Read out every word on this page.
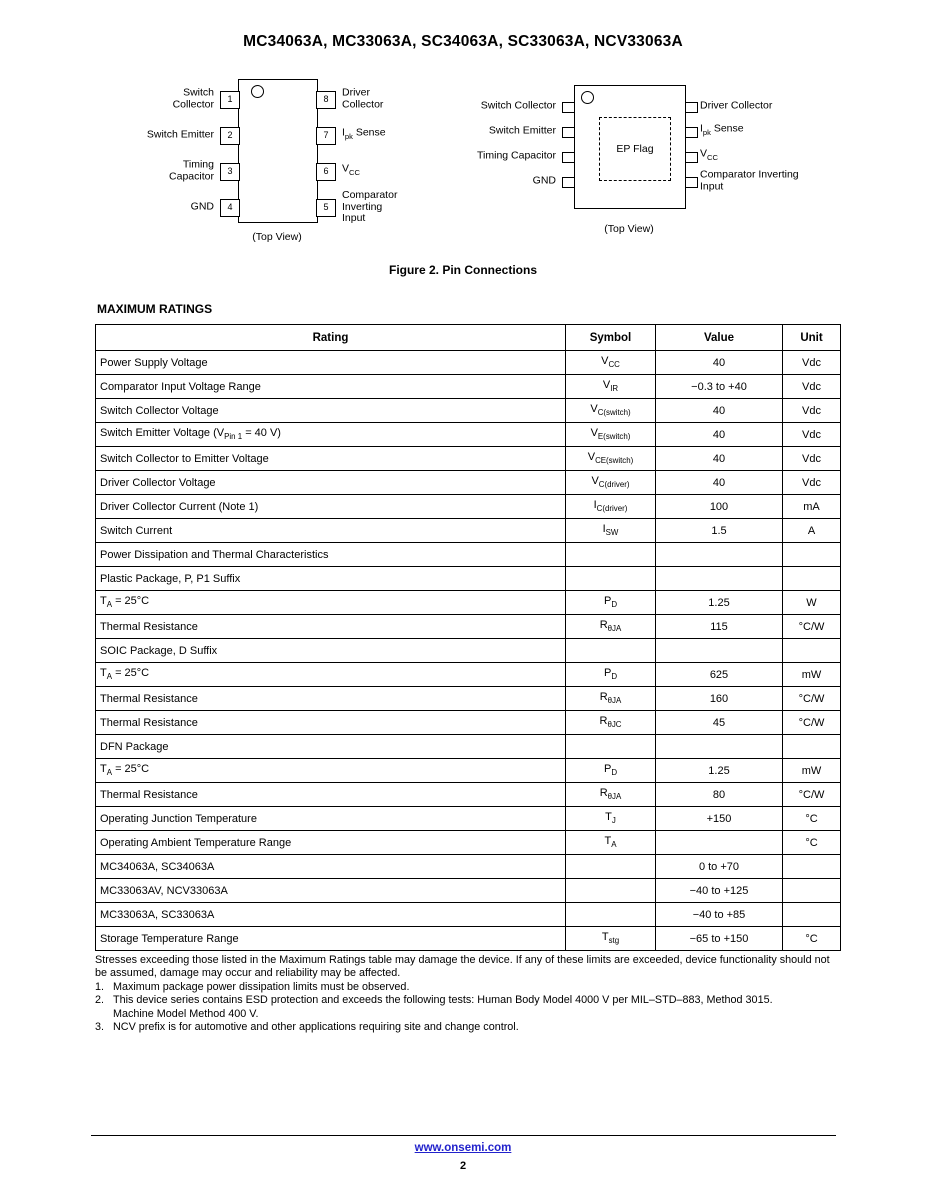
MC34063A, MC33063A, SC34063A, SC33063A, NCV33063A
(Top View)
Switch Collector	1
Switch Emitter	2
Timing Capacitor	3
GND	4
8
Driver Collector
7	$I_{pk}$ Sense
6	$V_{CC}$
5
Comparator Inverting Input
EP Flag
(Top View)
Switch Collector
Switch Emitter
Timing Capacitor
GND
Driver Collector
$I_{pk}$ Sense
$V_{CC}$
Comparator Inverting Input
Figure 2. Pin Connections
MAXIMUM RATINGS
Rating	Symbol	Value	Unit
Power Supply Voltage	$V_{CC}$	40	Vdc
Comparator Input Voltage Range	$V_{IR}$	−0.3 to +40	Vdc
Switch Collector Voltage	$V_{C(switch)}$	40	Vdc
Switch Emitter Voltage ($V_{Pin 1} = 40$ V)	$V_{E(switch)}$	40	Vdc
Switch Collector to Emitter Voltage	$V_{CE(switch)}$	40	Vdc
Driver Collector Voltage	$V_{C(driver)}$	40	Vdc
Driver Collector Current (Note 1)	$I_{C(driver)}$	100	mA
Switch Current	$I_{SW}$	1.5	A
Power Dissipation and Thermal Characteristics			
Plastic Package, P, P1 Suffix			
$T_A = 25^\circ C$	$P_D$	1.25	W
Thermal Resistance	$R_{\theta JA}$	115	°C/W
SOIC Package, D Suffix			
$T_A = 25^\circ C$	$P_D$	625	mW
Thermal Resistance	$R_{\theta JA}$	160	°C/W
Thermal Resistance	$R_{\theta JC}$	45	°C/W
DFN Package			
$T_A = 25^\circ C$	$P_D$	1.25	mW
Thermal Resistance	$R_{\theta JA}$	80	°C/W
Operating Junction Temperature	$T_J$	+150	°C
Operating Ambient Temperature Range	$T_A$		°C
MC34063A, SC34063A		0 to +70	
MC33063AV, NCV33063A		−40 to +125	
MC33063A, SC33063A		−40 to +85	
Storage Temperature Range	$T_{stg}$	−65 to +150	°C
Stresses exceeding those listed in the Maximum Ratings table may damage the device. If any of these limits are exceeded, device functionality should not be assumed, damage may occur and reliability may be affected.
1. Maximum package power dissipation limits must be observed.
2. This device series contains ESD protection and exceeds the following tests: Human Body Model 4000 V per MIL–STD–883, Method 3015.
Machine Model Method 400 V.
3. NCV prefix is for automotive and other applications requiring site and change control.
www.onsemi.com
2
